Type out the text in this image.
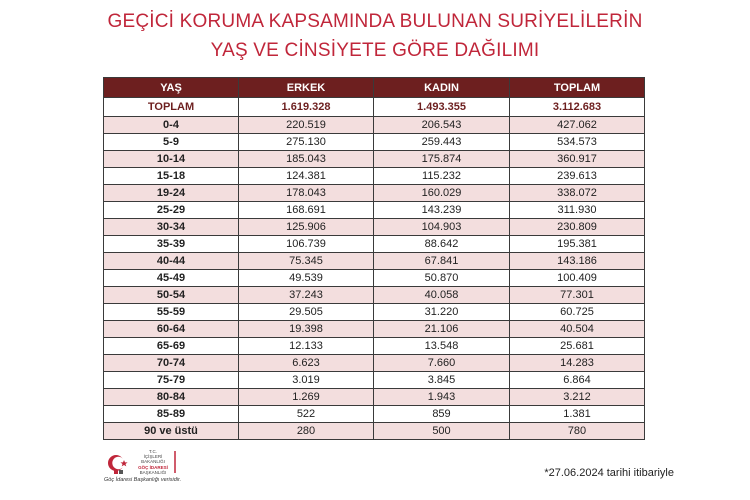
GEÇİCİ KORUMA KAPSAMINDA BULUNAN SURİYELİLERİN
YAŞ VE CİNSİYETE GÖRE DAĞILIMI
YAŞ	ERKEK	KADIN	TOPLAM
TOPLAM	1.619.328	1.493.355	3.112.683
0-4	220.519	206.543	427.062
5-9	275.130	259.443	534.573
10-14	185.043	175.874	360.917
15-18	124.381	115.232	239.613
19-24	178.043	160.029	338.072
25-29	168.691	143.239	311.930
30-34	125.906	104.903	230.809
35-39	106.739	88.642	195.381
40-44	75.345	67.841	143.186
45-49	49.539	50.870	100.409
50-54	37.243	40.058	77.301
55-59	29.505	31.220	60.725
60-64	19.398	21.106	40.504
65-69	12.133	13.548	25.681
70-74	6.623	7.660	14.283
75-79	3.019	3.845	6.864
80-84	1.269	1.943	3.212
85-89	522	859	1.381
90 ve üstü	280	500	780
T.C.
İÇİŞLERİ BAKANLIĞI
GÖÇ İDARESİ
BAŞKANLIĞI
Göç İdaresi Başkanlığı verisidir.
*27.06.2024 tarihi itibariyle
